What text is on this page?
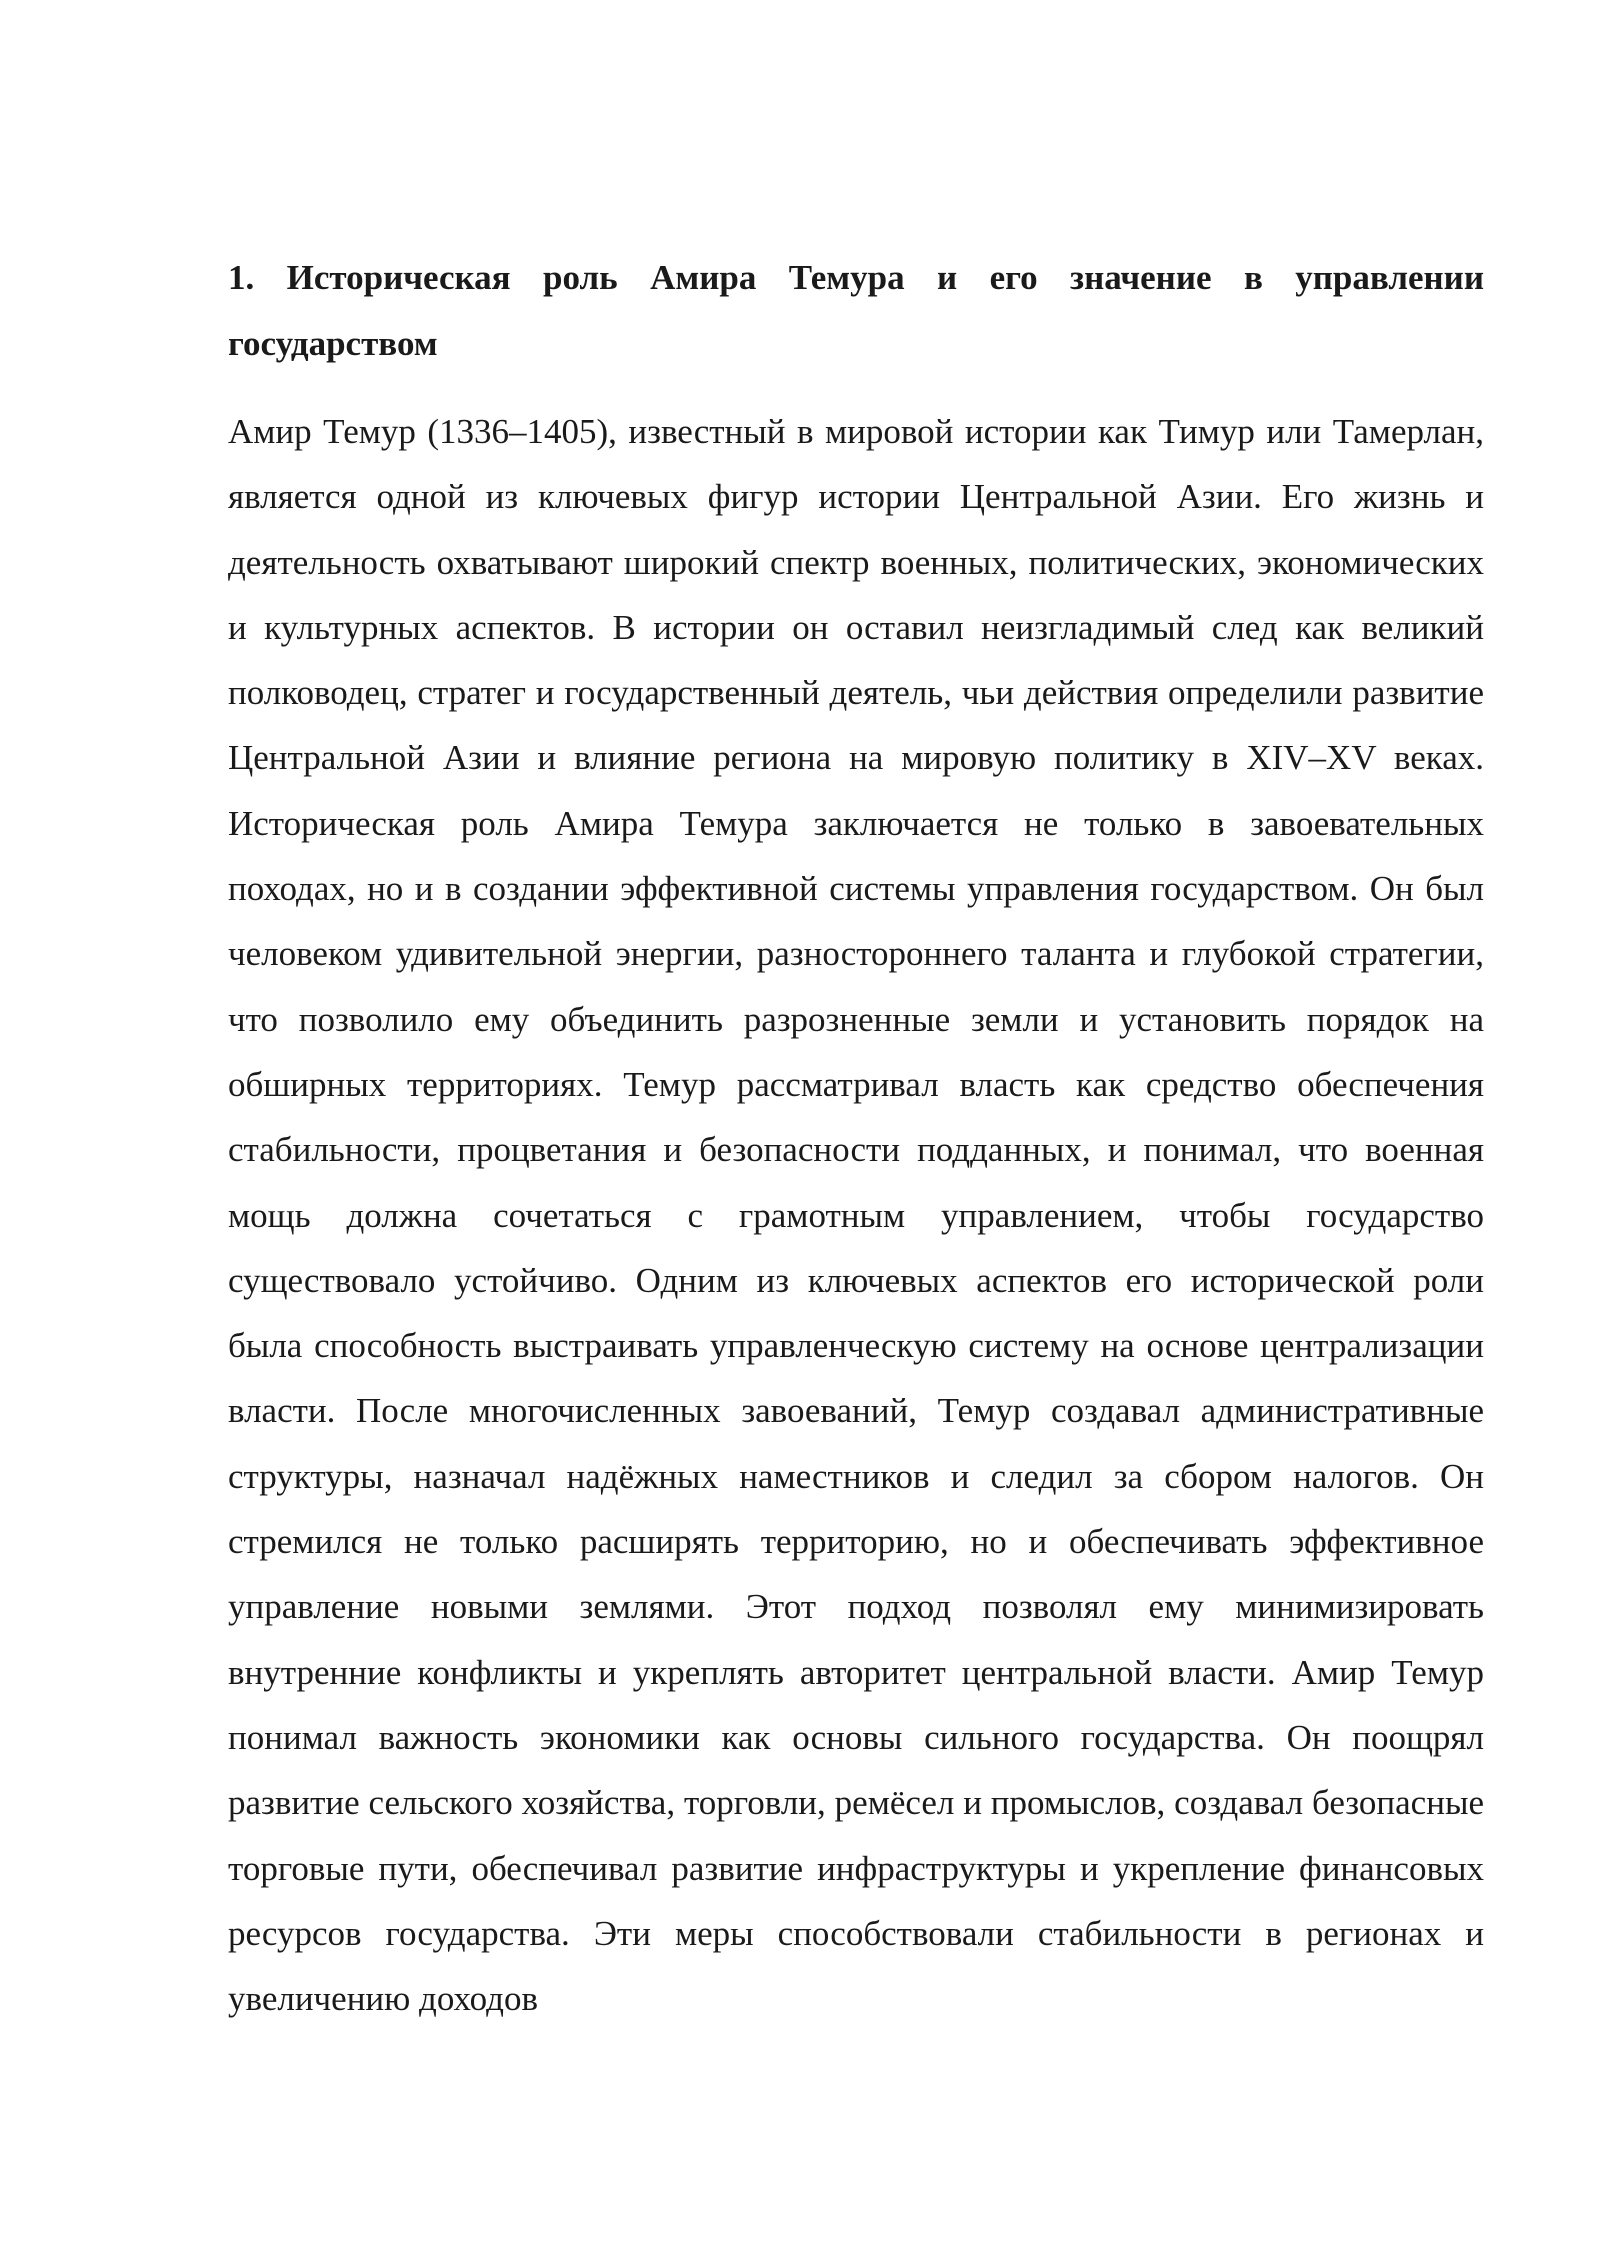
1. Историческая роль Амира Темура и его значение в управлении государством

Амир Темур (1336–1405), известный в мировой истории как Тимур или Тамерлан, является одной из ключевых фигур истории Центральной Азии. Его жизнь и деятельность охватывают широкий спектр военных, политических, экономических и культурных аспектов. В истории он оставил неизгладимый след как великий полководец, стратег и государственный деятель, чьи действия определили развитие Центральной Азии и влияние региона на мировую политику в XIV–XV веках. Историческая роль Амира Темура заключается не только в завоевательных походах, но и в создании эффективной системы управления государством. Он был человеком удивительной энергии, разностороннего таланта и глубокой стратегии, что позволило ему объединить разрозненные земли и установить порядок на обширных территориях. Темур рассматривал власть как средство обеспечения стабильности, процветания и безопасности подданных, и понимал, что военная мощь должна сочетаться с грамотным управлением, чтобы государство существовало устойчиво. Одним из ключевых аспектов его исторической роли была способность выстраивать управленческую систему на основе централизации власти. После многочисленных завоеваний, Темур создавал административные структуры, назначал надёжных наместников и следил за сбором налогов. Он стремился не только расширять территорию, но и обеспечивать эффективное управление новыми землями. Этот подход позволял ему минимизировать внутренние конфликты и укреплять авторитет центральной власти. Амир Темур понимал важность экономики как основы сильного государства. Он поощрял развитие сельского хозяйства, торговли, ремёсел и промыслов, создавал безопасные торговые пути, обеспечивал развитие инфраструктуры и укрепление финансовых ресурсов государства. Эти меры способствовали стабильности в регионах и увеличению доходов
